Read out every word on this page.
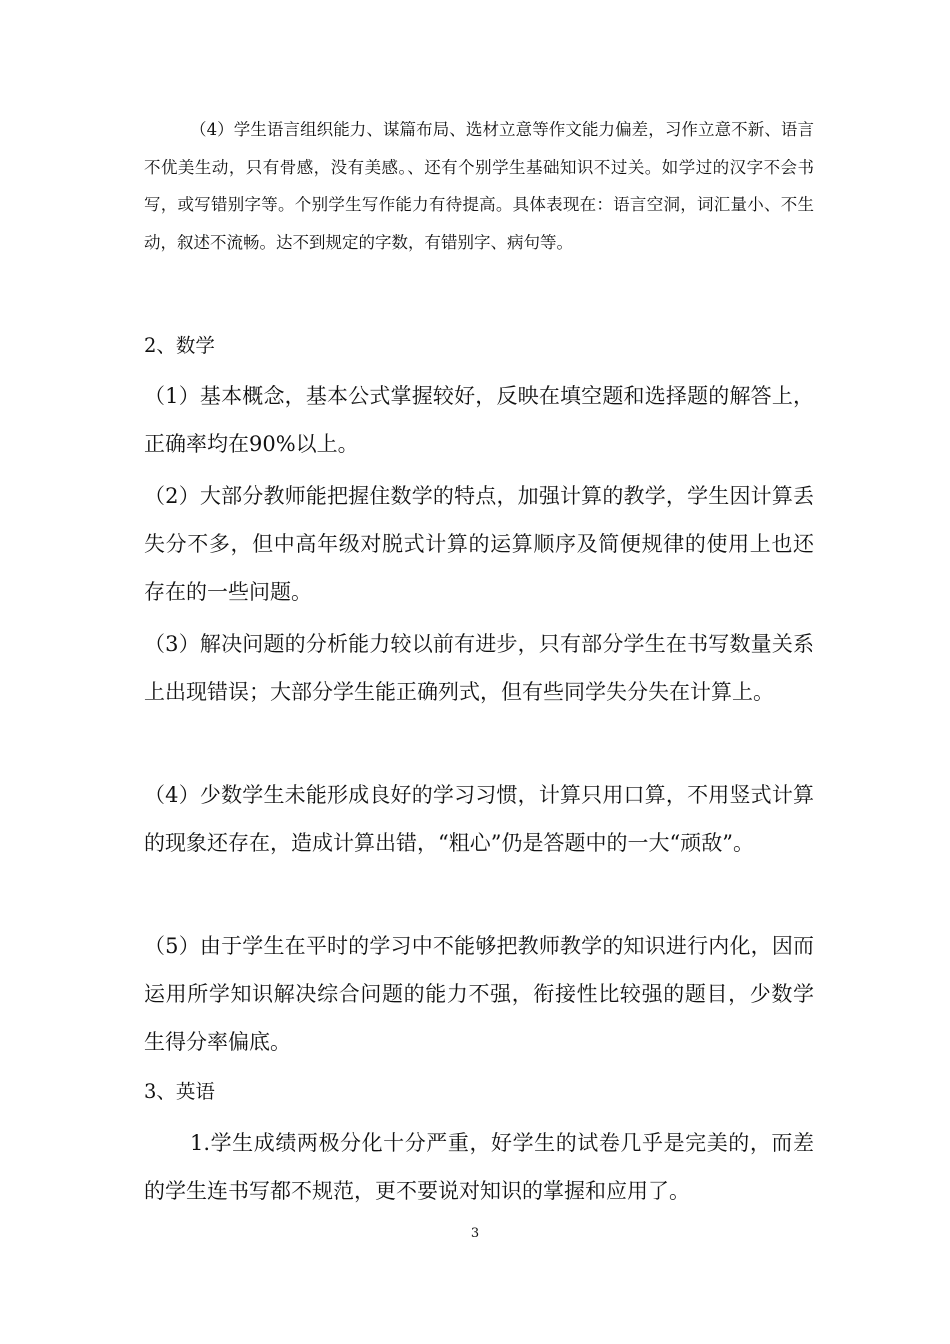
（4）学生语言组织能力、谋篇布局、选材立意等作文能力偏差，习作立意不新、语言不优美生动，只有骨感，没有美感。、还有个别学生基础知识不过关。如学过的汉字不会书写，或写错别字等。个别学生写作能力有待提高。具体表现在：语言空洞，词汇量小、不生动，叙述不流畅。达不到规定的字数，有错别字、病句等。

2、数学

（1）基本概念，基本公式掌握较好，反映在填空题和选择题的解答上，正确率均在90%以上。

（2）大部分教师能把握住数学的特点，加强计算的教学，学生因计算丢失分不多，但中高年级对脱式计算的运算顺序及简便规律的使用上也还存在的一些问题。

（3）解决问题的分析能力较以前有进步，只有部分学生在书写数量关系上出现错误；大部分学生能正确列式，但有些同学失分失在计算上。

（4）少数学生未能形成良好的学习习惯，计算只用口算，不用竖式计算的现象还存在，造成计算出错，“粗心”仍是答题中的一大“顽敌”。

（5）由于学生在平时的学习中不能够把教师教学的知识进行内化，因而运用所学知识解决综合问题的能力不强，衔接性比较强的题目，少数学生得分率偏底。

3、英语

1.学生成绩两极分化十分严重，好学生的试卷几乎是完美的，而差的学生连书写都不规范，更不要说对知识的掌握和应用了。

3
